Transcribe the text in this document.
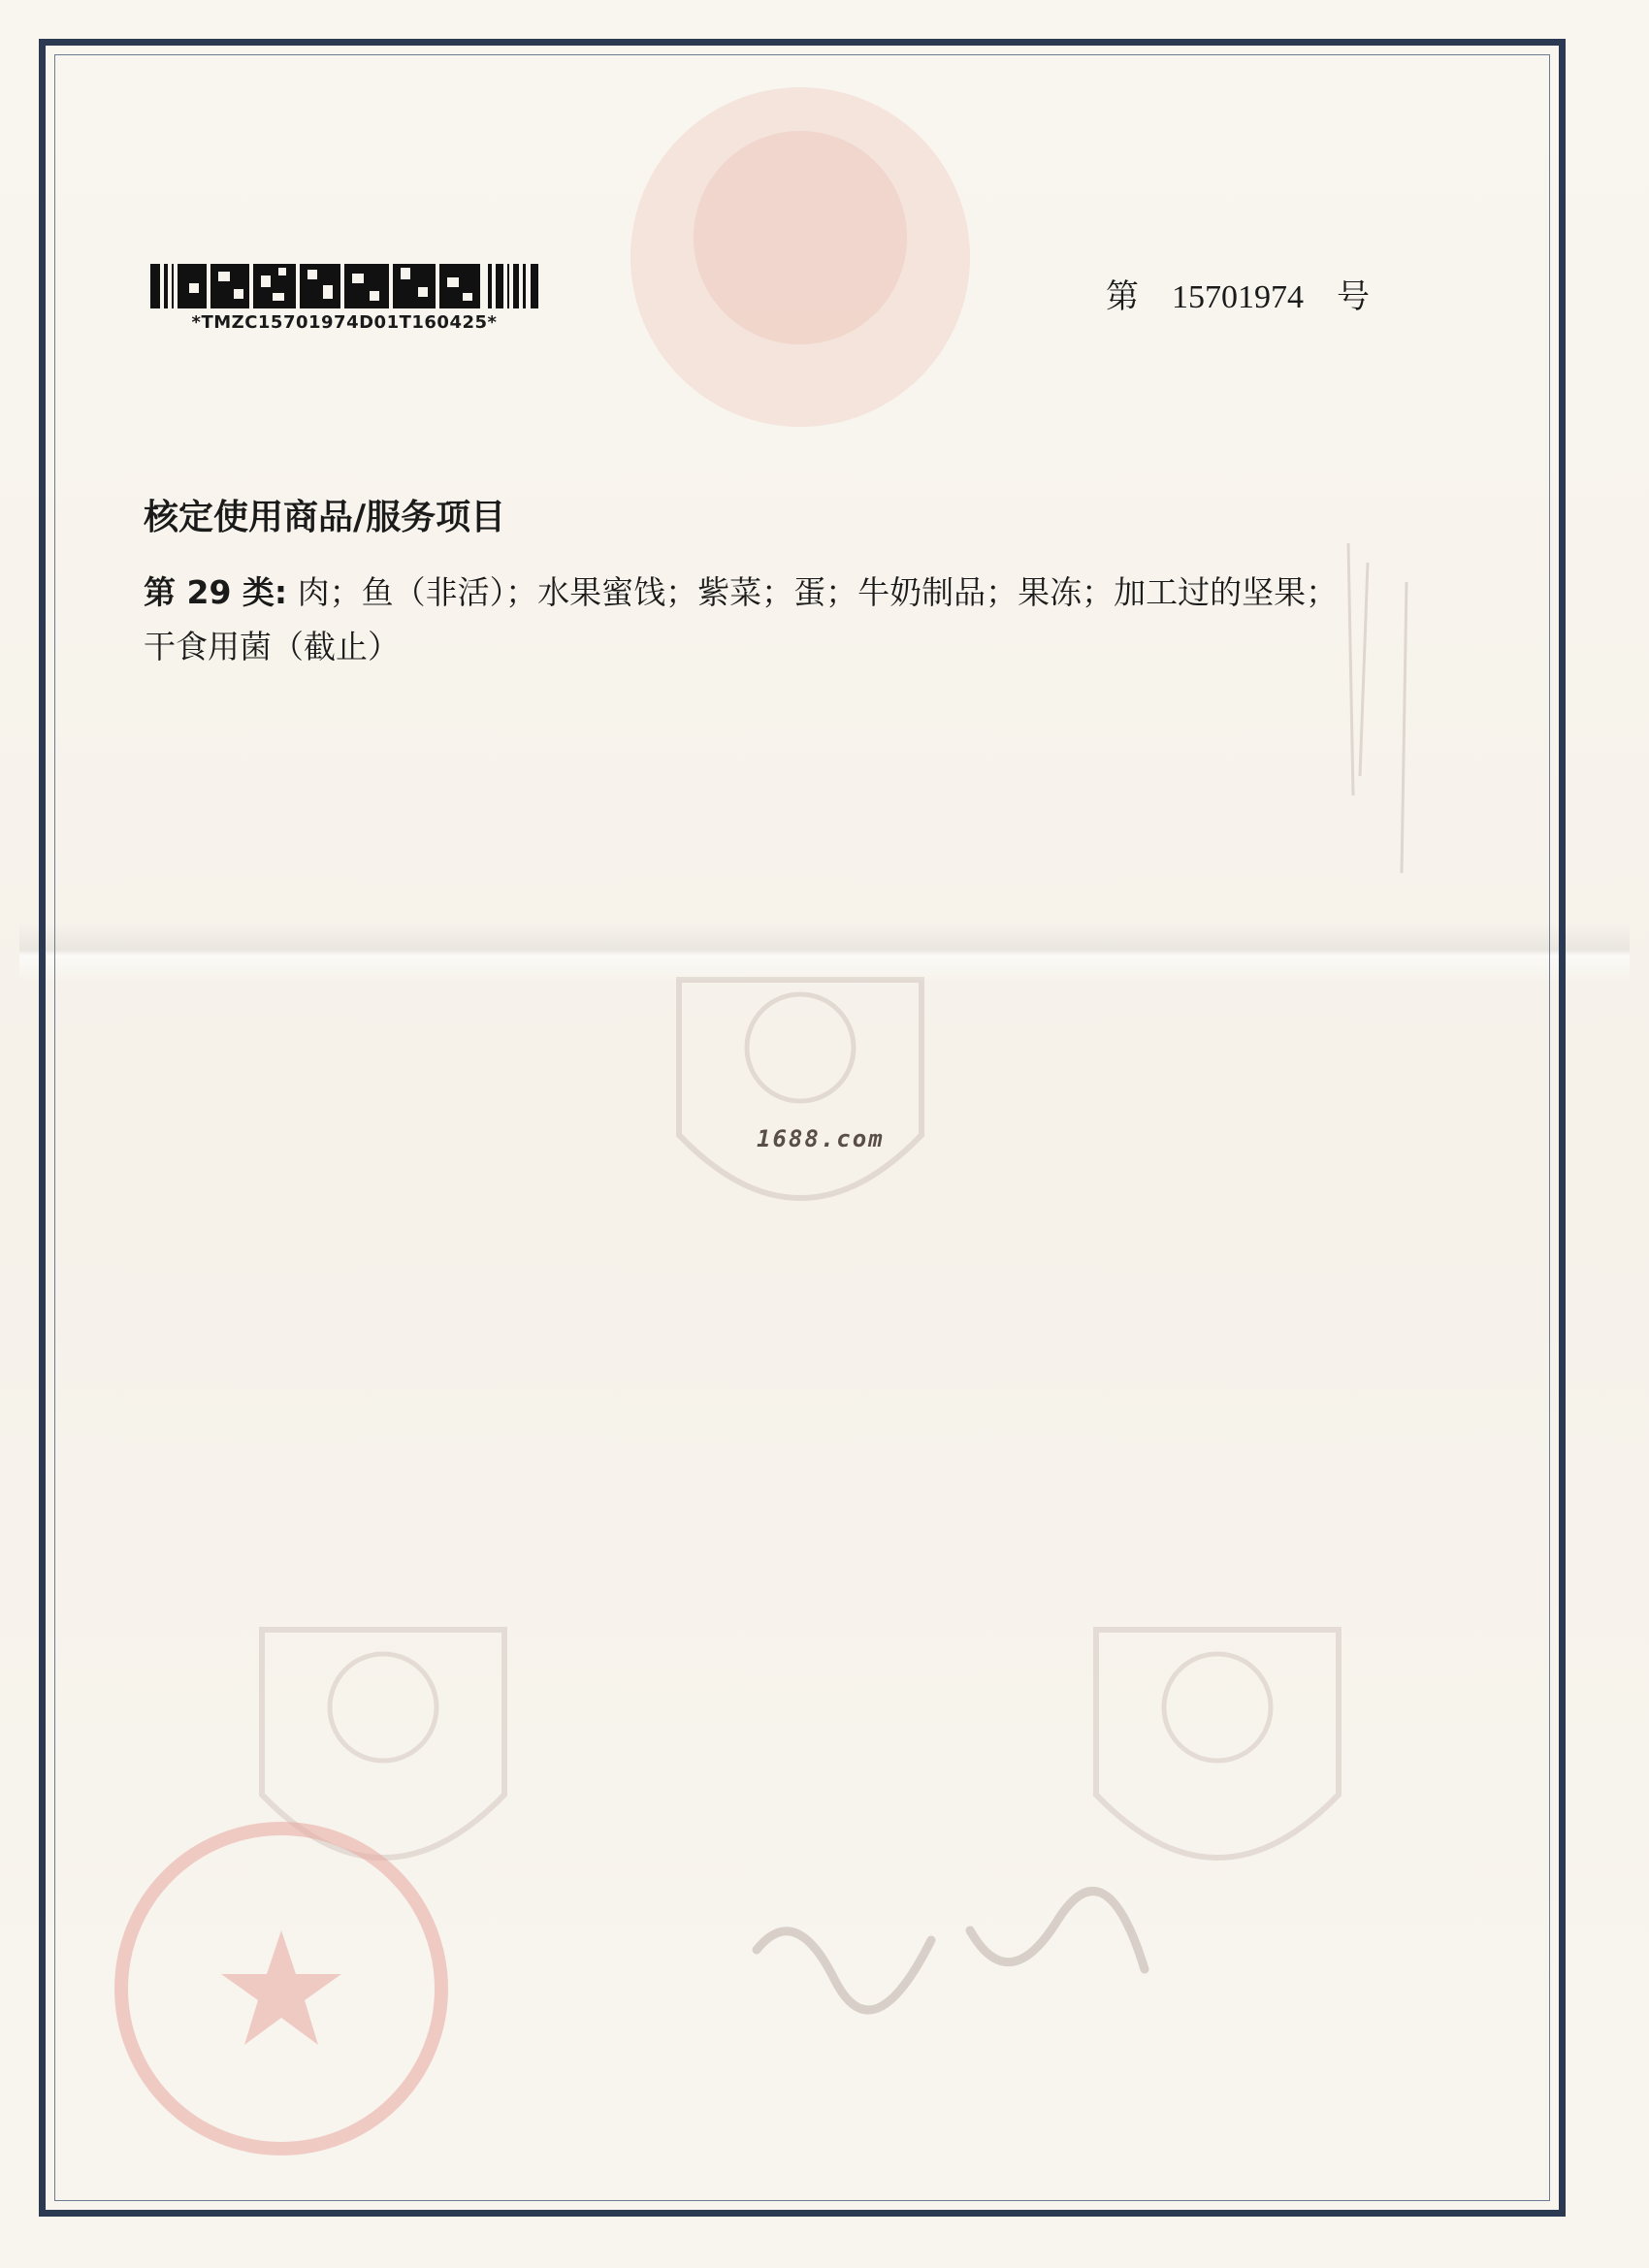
*TMZC15701974D01T160425*
第 15701974 号
核定使用商品/服务项目
第 29 类: 肉；鱼（非活）；水果蜜饯；紫菜；蛋；牛奶制品；果冻；加工过的坚果；
干食用菌（截止）
1688.com
